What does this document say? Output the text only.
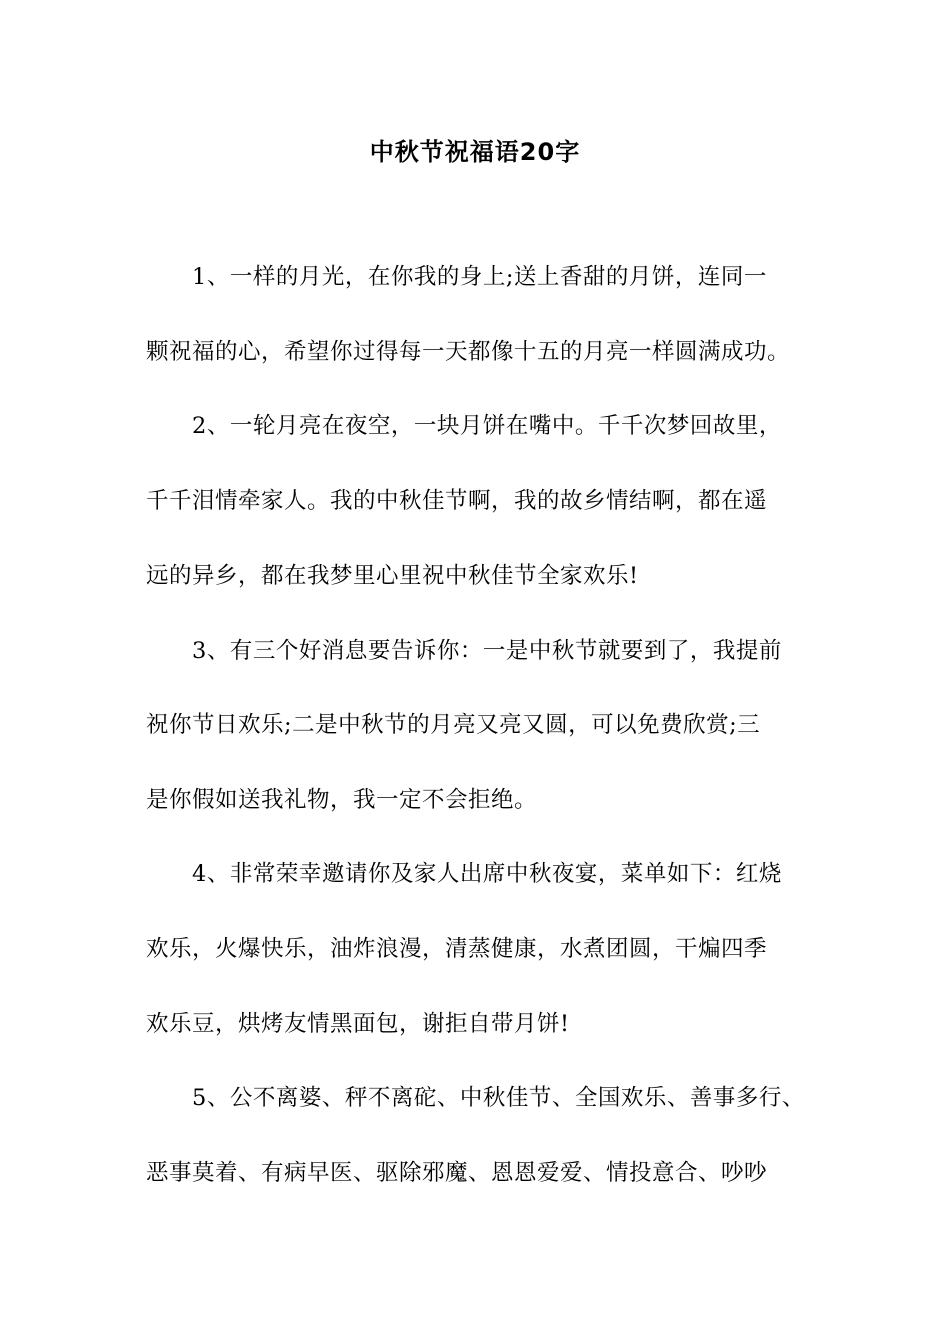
中秋节祝福语20字
1、一样的月光，在你我的身上;送上香甜的月饼，连同一
颗祝福的心，希望你过得每一天都像十五的月亮一样圆满成功。
2、一轮月亮在夜空，一块月饼在嘴中。千千次梦回故里，
千千泪情牵家人。我的中秋佳节啊，我的故乡情结啊，都在遥
远的异乡，都在我梦里心里祝中秋佳节全家欢乐!
3、有三个好消息要告诉你：一是中秋节就要到了，我提前
祝你节日欢乐;二是中秋节的月亮又亮又圆，可以免费欣赏;三
是你假如送我礼物，我一定不会拒绝。
4、非常荣幸邀请你及家人出席中秋夜宴，菜单如下：红烧
欢乐，火爆快乐，油炸浪漫，清蒸健康，水煮团圆，干煸四季
欢乐豆，烘烤友情黑面包，谢拒自带月饼!
5、公不离婆、秤不离砣、中秋佳节、全国欢乐、善事多行、
恶事莫着、有病早医、驱除邪魔、恩恩爱爱、情投意合、吵吵
